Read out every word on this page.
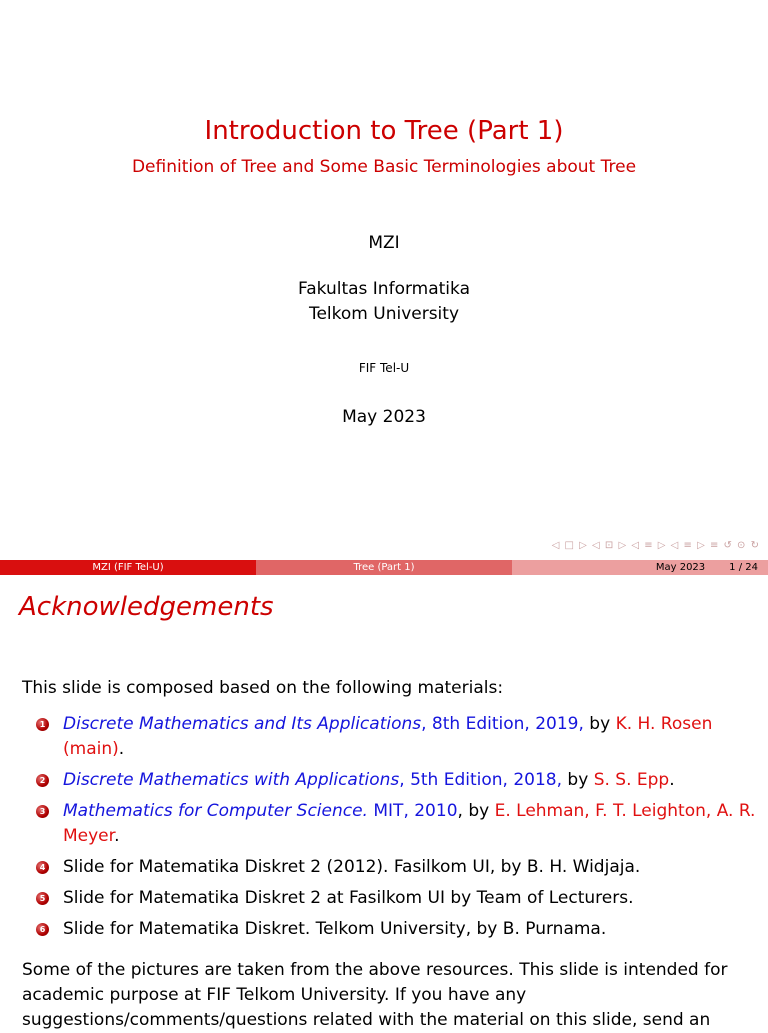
Introduction to Tree (Part 1)
Definition of Tree and Some Basic Terminologies about Tree
MZI
Fakultas Informatika
Telkom University
FIF Tel-U
May 2023
◁ □ ▷ ◁ ⊡ ▷ ◁ ≡ ▷ ◁ ≡ ▷ ≡ ↺ ⊙ ↻
MZI (FIF Tel-U)	Tree (Part 1)	May 2023 1 / 24
Acknowledgements
This slide is composed based on the following materials:
1 Discrete Mathematics and Its Applications, 8th Edition, 2019, by K. H. Rosen (main).
2 Discrete Mathematics with Applications, 5th Edition, 2018, by S. S. Epp.
3 Mathematics for Computer Science. MIT, 2010, by E. Lehman, F. T. Leighton, A. R. Meyer.
4 Slide for Matematika Diskret 2 (2012). Fasilkom UI, by B. H. Widjaja.
5 Slide for Matematika Diskret 2 at Fasilkom UI by Team of Lecturers.
6 Slide for Matematika Diskret. Telkom University, by B. Purnama.
Some of the pictures are taken from the above resources. This slide is intended for academic purpose at FIF Telkom University. If you have any suggestions/comments/questions related with the material on this slide, send an
